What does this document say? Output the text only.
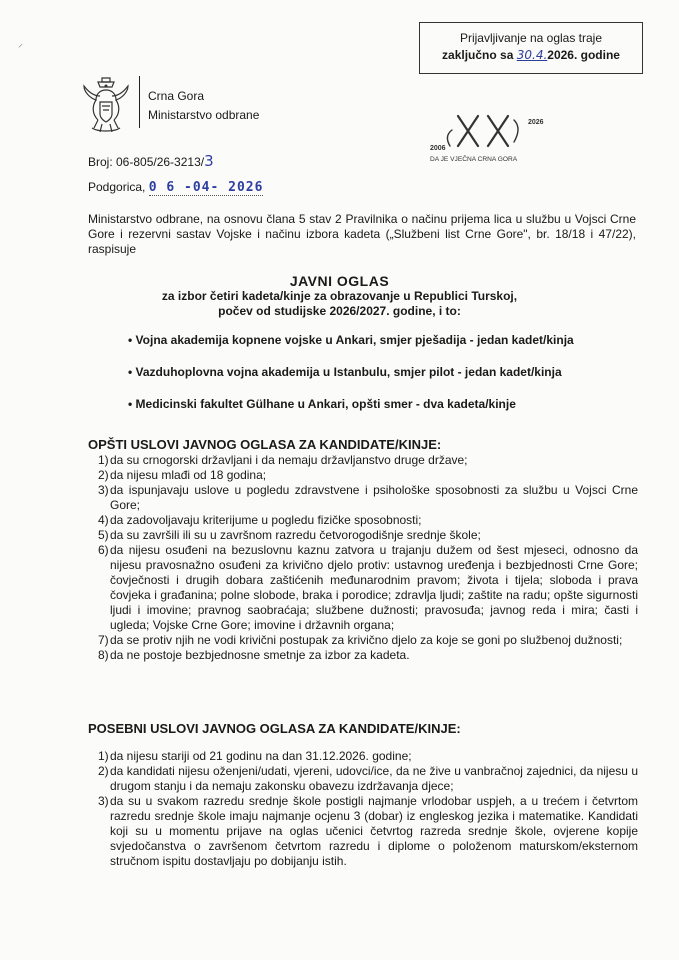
⸍
Prijavljivanje na oglas traje
zaključno sa 30.4.2026. godine
Crna Gora
Ministarstvo odbrane
2026
2006
DA JE VJEČNA CRNA GORA
Broj: 06-805/26-3213/3
Podgorica, 0 6 -04- 2026
Ministarstvo odbrane, na osnovu člana 5 stav 2 Pravilnika o načinu prijema lica u službu u Vojsci Crne Gore i rezervni sastav Vojske i načinu izbora kadeta („Službeni list Crne Gore", br. 18/18 i 47/22), raspisuje
JAVNI OGLAS
za izbor četiri kadeta/kinje za obrazovanje u Republici Turskoj,
počev od studijske 2026/2027. godine, i to:
• Vojna akademija kopnene vojske u Ankari, smjer pješadija - jedan kadet/kinja
• Vazduhoplovna vojna akademija u Istanbulu, smjer pilot - jedan kadet/kinja
• Medicinski fakultet Gülhane u Ankari, opšti smer - dva kadeta/kinje
OPŠTI USLOVI JAVNOG OGLASA ZA KANDIDATE/KINJE:

1) da su crnogorski državljani i da nemaju državljanstvo druge države;

2) da nijesu mlađi od 18 godina;

3) da ispunjavaju uslove u pogledu zdravstvene i psihološke sposobnosti za službu u Vojsci Crne Gore;

4) da zadovoljavaju kriterijume u pogledu fizičke sposobnosti;

5) da su završili ili su u završnom razredu četvorogodišnje srednje škole;

6) da nijesu osuđeni na bezuslovnu kaznu zatvora u trajanju dužem od šest mjeseci, odnosno da nijesu pravosnažno osuđeni za krivično djelo protiv: ustavnog uređenja i bezbjednosti Crne Gore; čovječnosti i drugih dobara zaštićenih međunarodnim pravom; života i tijela; sloboda i prava čovjeka i građanina; polne slobode, braka i porodice; zdravlja ljudi; zaštite na radu; opšte sigurnosti ljudi i imovine; pravnog saobraćaja; službene dužnosti; pravosuđa; javnog reda i mira; časti i ugleda; Vojske Crne Gore; imovine i državnih organa;

7) da se protiv njih ne vodi krivični postupak za krivično djelo za koje se goni po službenoj dužnosti;

8) da ne postoje bezbjednosne smetnje za izbor za kadeta.

POSEBNI USLOVI JAVNOG OGLASA ZA KANDIDATE/KINJE:

1) da nijesu stariji od 21 godinu na dan 31.12.2026. godine;

2) da kandidati nijesu oženjeni/udati, vjereni, udovci/ice, da ne žive u vanbračnoj zajednici, da nijesu u drugom stanju i da nemaju zakonsku obavezu izdržavanja djece;

3) da su u svakom razredu srednje škole postigli najmanje vrlodobar uspjeh, a u trećem i četvrtom razredu srednje škole imaju najmanje ocjenu 3 (dobar) iz engleskog jezika i matematike. Kandidati koji su u momentu prijave na oglas učenici četvrtog razreda srednje škole, ovjerene kopije svjedočanstva o završenom četvrtom razredu i diplome o položenom maturskom/eksternom stručnom ispitu dostavljaju po dobijanju istih.
